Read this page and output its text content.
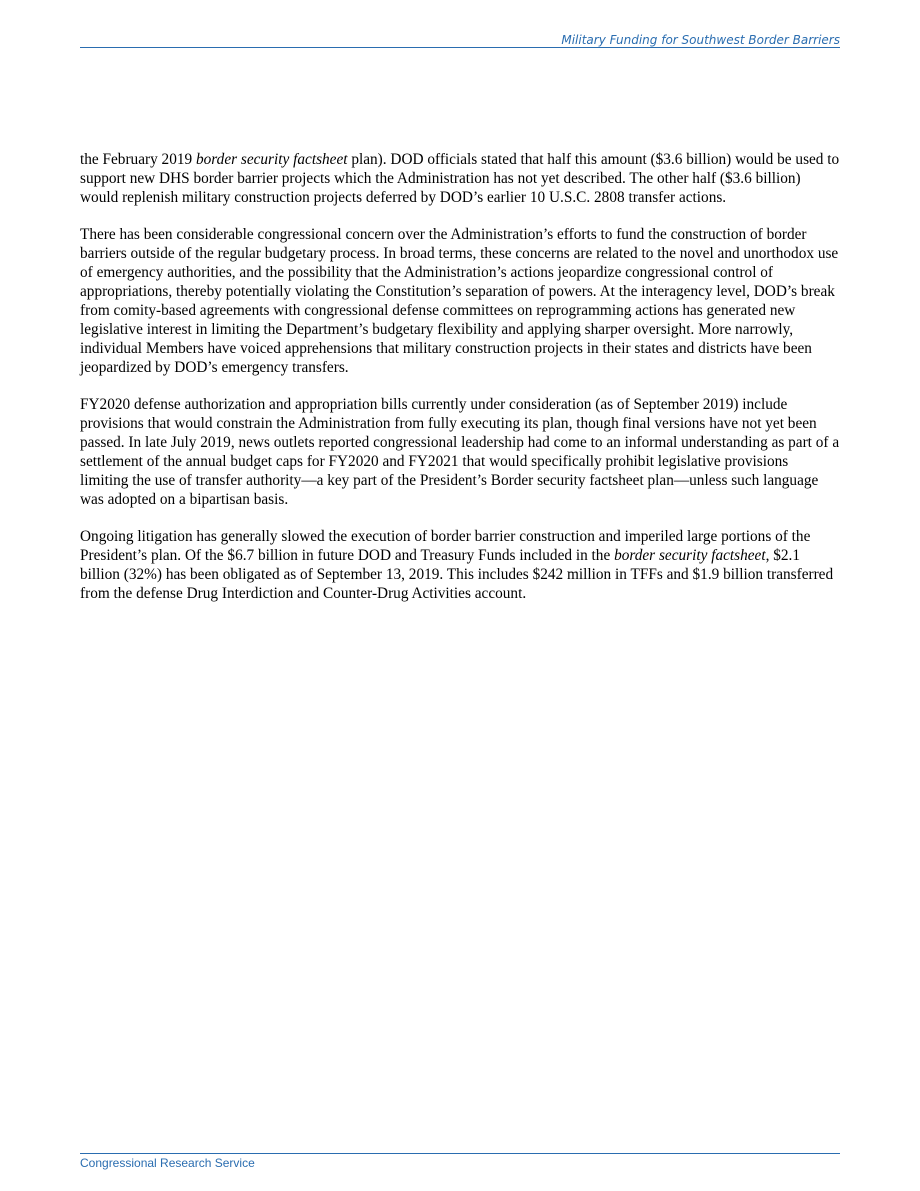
Military Funding for Southwest Border Barriers

the February 2019 border security factsheet plan). DOD officials stated that half this amount ($3.6 billion) would be used to support new DHS border barrier projects which the Administration has not yet described. The other half ($3.6 billion) would replenish military construction projects deferred by DOD’s earlier 10 U.S.C. 2808 transfer actions.

There has been considerable congressional concern over the Administration’s efforts to fund the construction of border barriers outside of the regular budgetary process. In broad terms, these concerns are related to the novel and unorthodox use of emergency authorities, and the possibility that the Administration’s actions jeopardize congressional control of appropriations, thereby potentially violating the Constitution’s separation of powers. At the interagency level, DOD’s break from comity-based agreements with congressional defense committees on reprogramming actions has generated new legislative interest in limiting the Department’s budgetary flexibility and applying sharper oversight. More narrowly, individual Members have voiced apprehensions that military construction projects in their states and districts have been jeopardized by DOD’s emergency transfers.

FY2020 defense authorization and appropriation bills currently under consideration (as of September 2019) include provisions that would constrain the Administration from fully executing its plan, though final versions have not yet been passed. In late July 2019, news outlets reported congressional leadership had come to an informal understanding as part of a settlement of the annual budget caps for FY2020 and FY2021 that would specifically prohibit legislative provisions limiting the use of transfer authority—a key part of the President’s Border security factsheet plan—unless such language was adopted on a bipartisan basis.

Ongoing litigation has generally slowed the execution of border barrier construction and imperiled large portions of the President’s plan. Of the $6.7 billion in future DOD and Treasury Funds included in the border security factsheet, $2.1 billion (32%) has been obligated as of September 13, 2019. This includes $242 million in TFFs and $1.9 billion transferred from the defense Drug Interdiction and Counter-Drug Activities account.

Congressional Research Service
